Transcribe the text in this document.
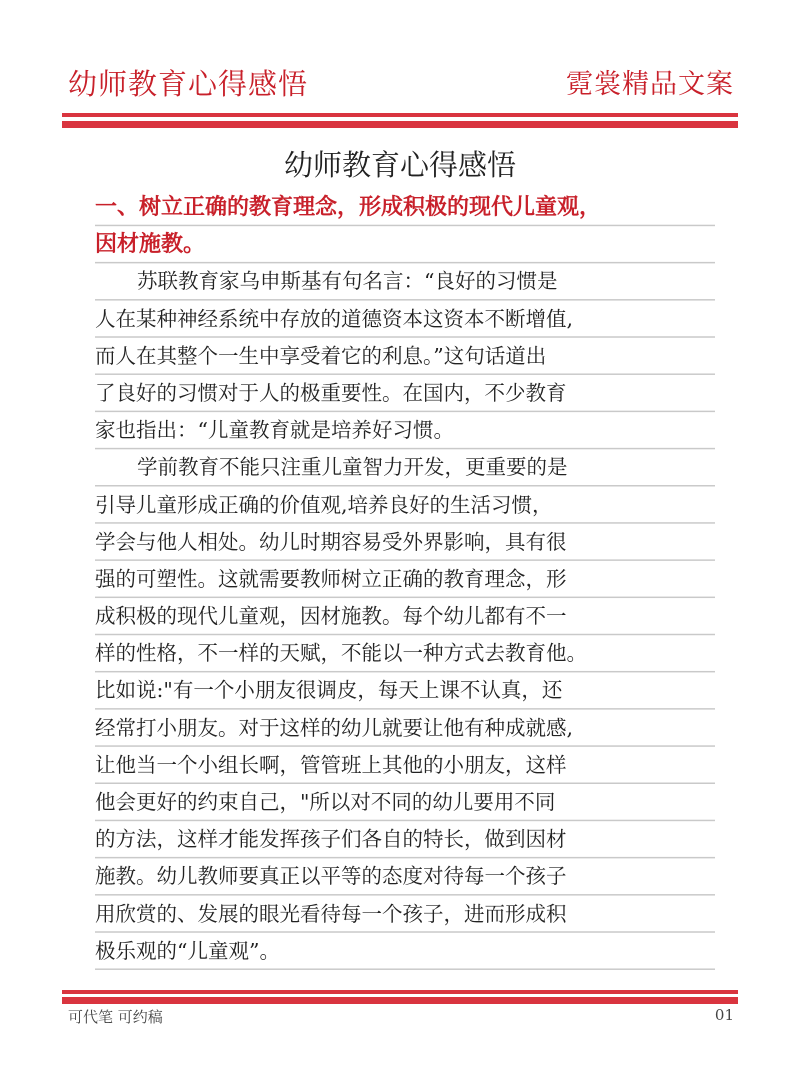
幼师教育心得感悟	霓裳精品文案
幼师教育心得感悟
一、树立正确的教育理念，形成积极的现代儿童观，
因材施教。
苏联教育家乌申斯基有句名言：“良好的习惯是
人在某种神经系统中存放的道德资本这资本不断增值,
而人在其整个一生中享受着它的利息。”这句话道出
了良好的习惯对于人的极重要性。在国内，不少教育
家也指出：“儿童教育就是培养好习惯。
学前教育不能只注重儿童智力开发，更重要的是
引导儿童形成正确的价值观,培养良好的生活习惯，
学会与他人相处。幼儿时期容易受外界影响，具有很
强的可塑性。这就需要教师树立正确的教育理念，形
成积极的现代儿童观，因材施教。每个幼儿都有不一
样的性格，不一样的天赋，不能以一种方式去教育他。
比如说:"有一个小朋友很调皮，每天上课不认真，还
经常打小朋友。对于这样的幼儿就要让他有种成就感,
让他当一个小组长啊，管管班上其他的小朋友，这样
他会更好的约束自己，"所以对不同的幼儿要用不同
的方法，这样才能发挥孩子们各自的特长，做到因材
施教。幼儿教师要真正以平等的态度对待每一个孩子
用欣赏的、发展的眼光看待每一个孩子，进而形成积
极乐观的“儿童观”。
可代笔 可约稿	01
